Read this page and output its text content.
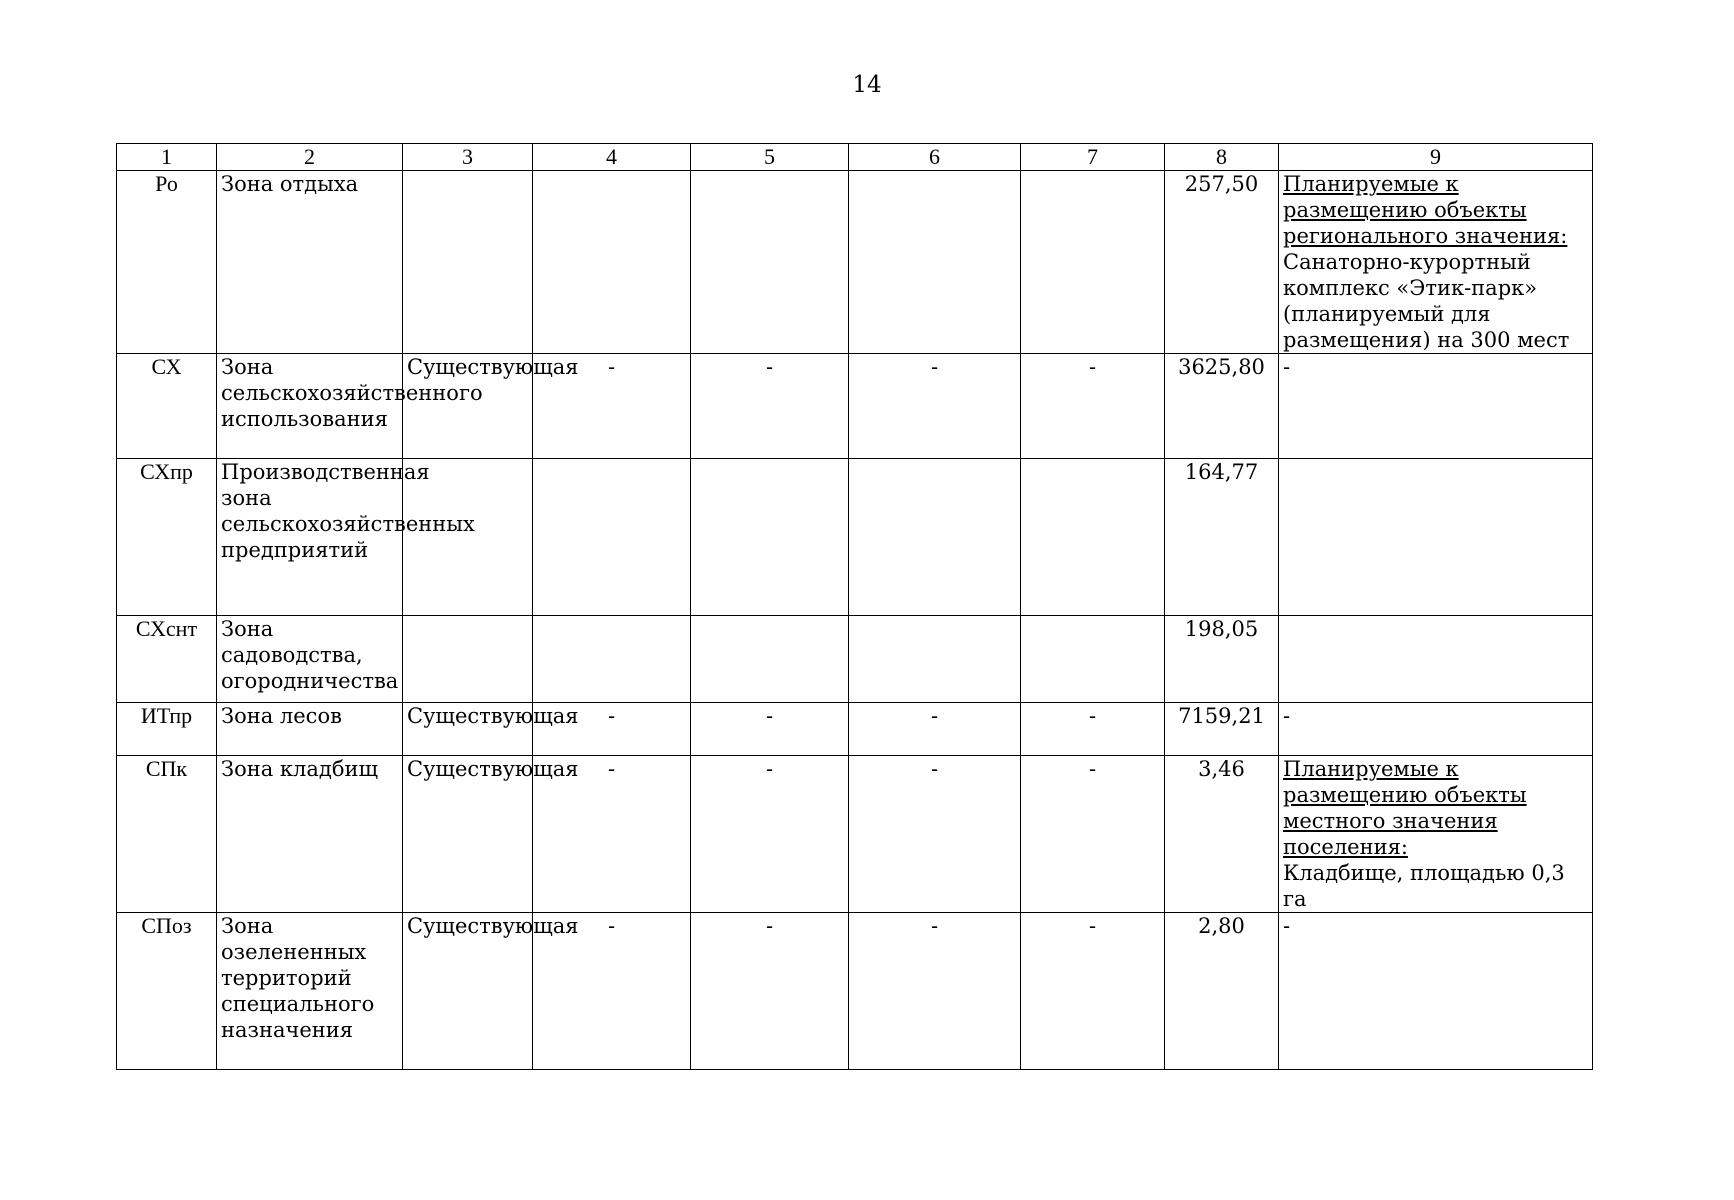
14
1	2	3	4	5	6	7	8	9
Ро	Зона отдыха						257,50	Планируемые к размещению объекты регионального значения:
Санаторно-курортный комплекс «Этик-парк» (планируемый для размещения) на 300 мест

СХ	Зона сельскохозяйственного использования	Существующая	-	-	-	-	3625,80	-

СХпр	Производственная зона сельскохозяйственных предприятий						164,77	

СХснт	Зона садоводства, огородничества						198,05	

ИТпр	Зона лесов	Существующая	-	-	-	-	7159,21	-

СПк	Зона кладбищ	Существующая	-	-	-	-	3,46	Планируемые к размещению объекты местного значения поселения:
Кладбище, площадью 0,3 га

СПоз	Зона озелененных территорий специального назначения	Существующая	-	-	-	-	2,80	-
